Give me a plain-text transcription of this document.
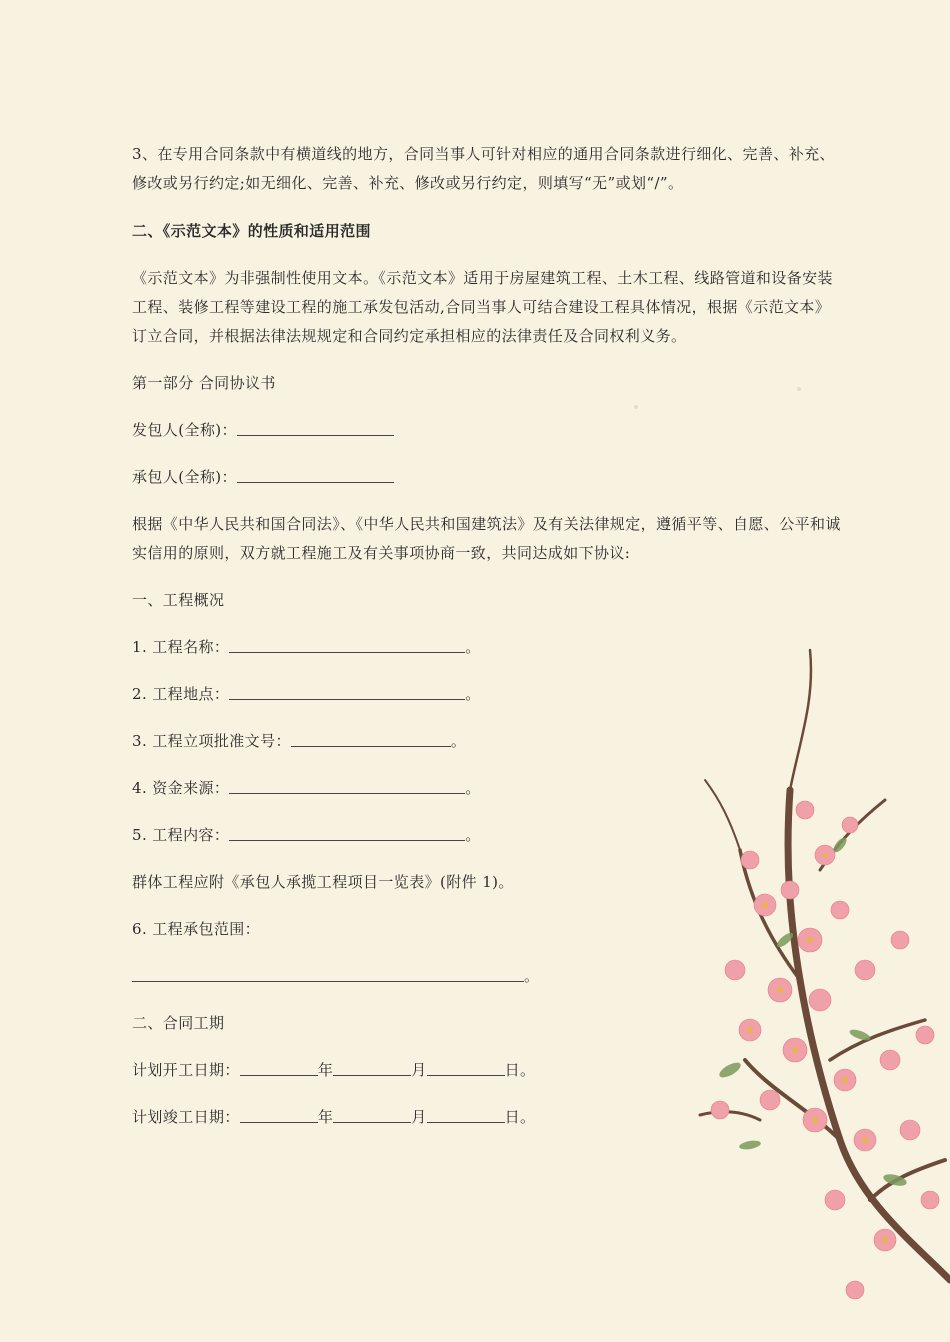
3、在专用合同条款中有横道线的地方，合同当事人可针对相应的通用合同条款进行细化、完善、补充、修改或另行约定;如无细化、完善、补充、修改或另行约定，则填写“无”或划“/”。

二、《示范文本》的性质和适用范围

《示范文本》为非强制性使用文本。《示范文本》适用于房屋建筑工程、土木工程、线路管道和设备安装工程、装修工程等建设工程的施工承发包活动,合同当事人可结合建设工程具体情况，根据《示范文本》订立合同，并根据法律法规规定和合同约定承担相应的法律责任及合同权利义务。

第一部分 合同协议书

发包人(全称)：

承包人(全称)：

根据《中华人民共和国合同法》、《中华人民共和国建筑法》及有关法律规定，遵循平等、自愿、公平和诚实信用的原则，双方就工程施工及有关事项协商一致，共同达成如下协议:

一、工程概况

1. 工程名称：	。

2. 工程地点：	。

3. 工程立项批准文号：	。

4. 资金来源：	。

5. 工程内容：	。

群体工程应附《承包人承揽工程项目一览表》(附件 1)。

6. 工程承包范围：

。

二、合同工期

计划开工日期：	年	月	日。

计划竣工日期：	年	月	日。
